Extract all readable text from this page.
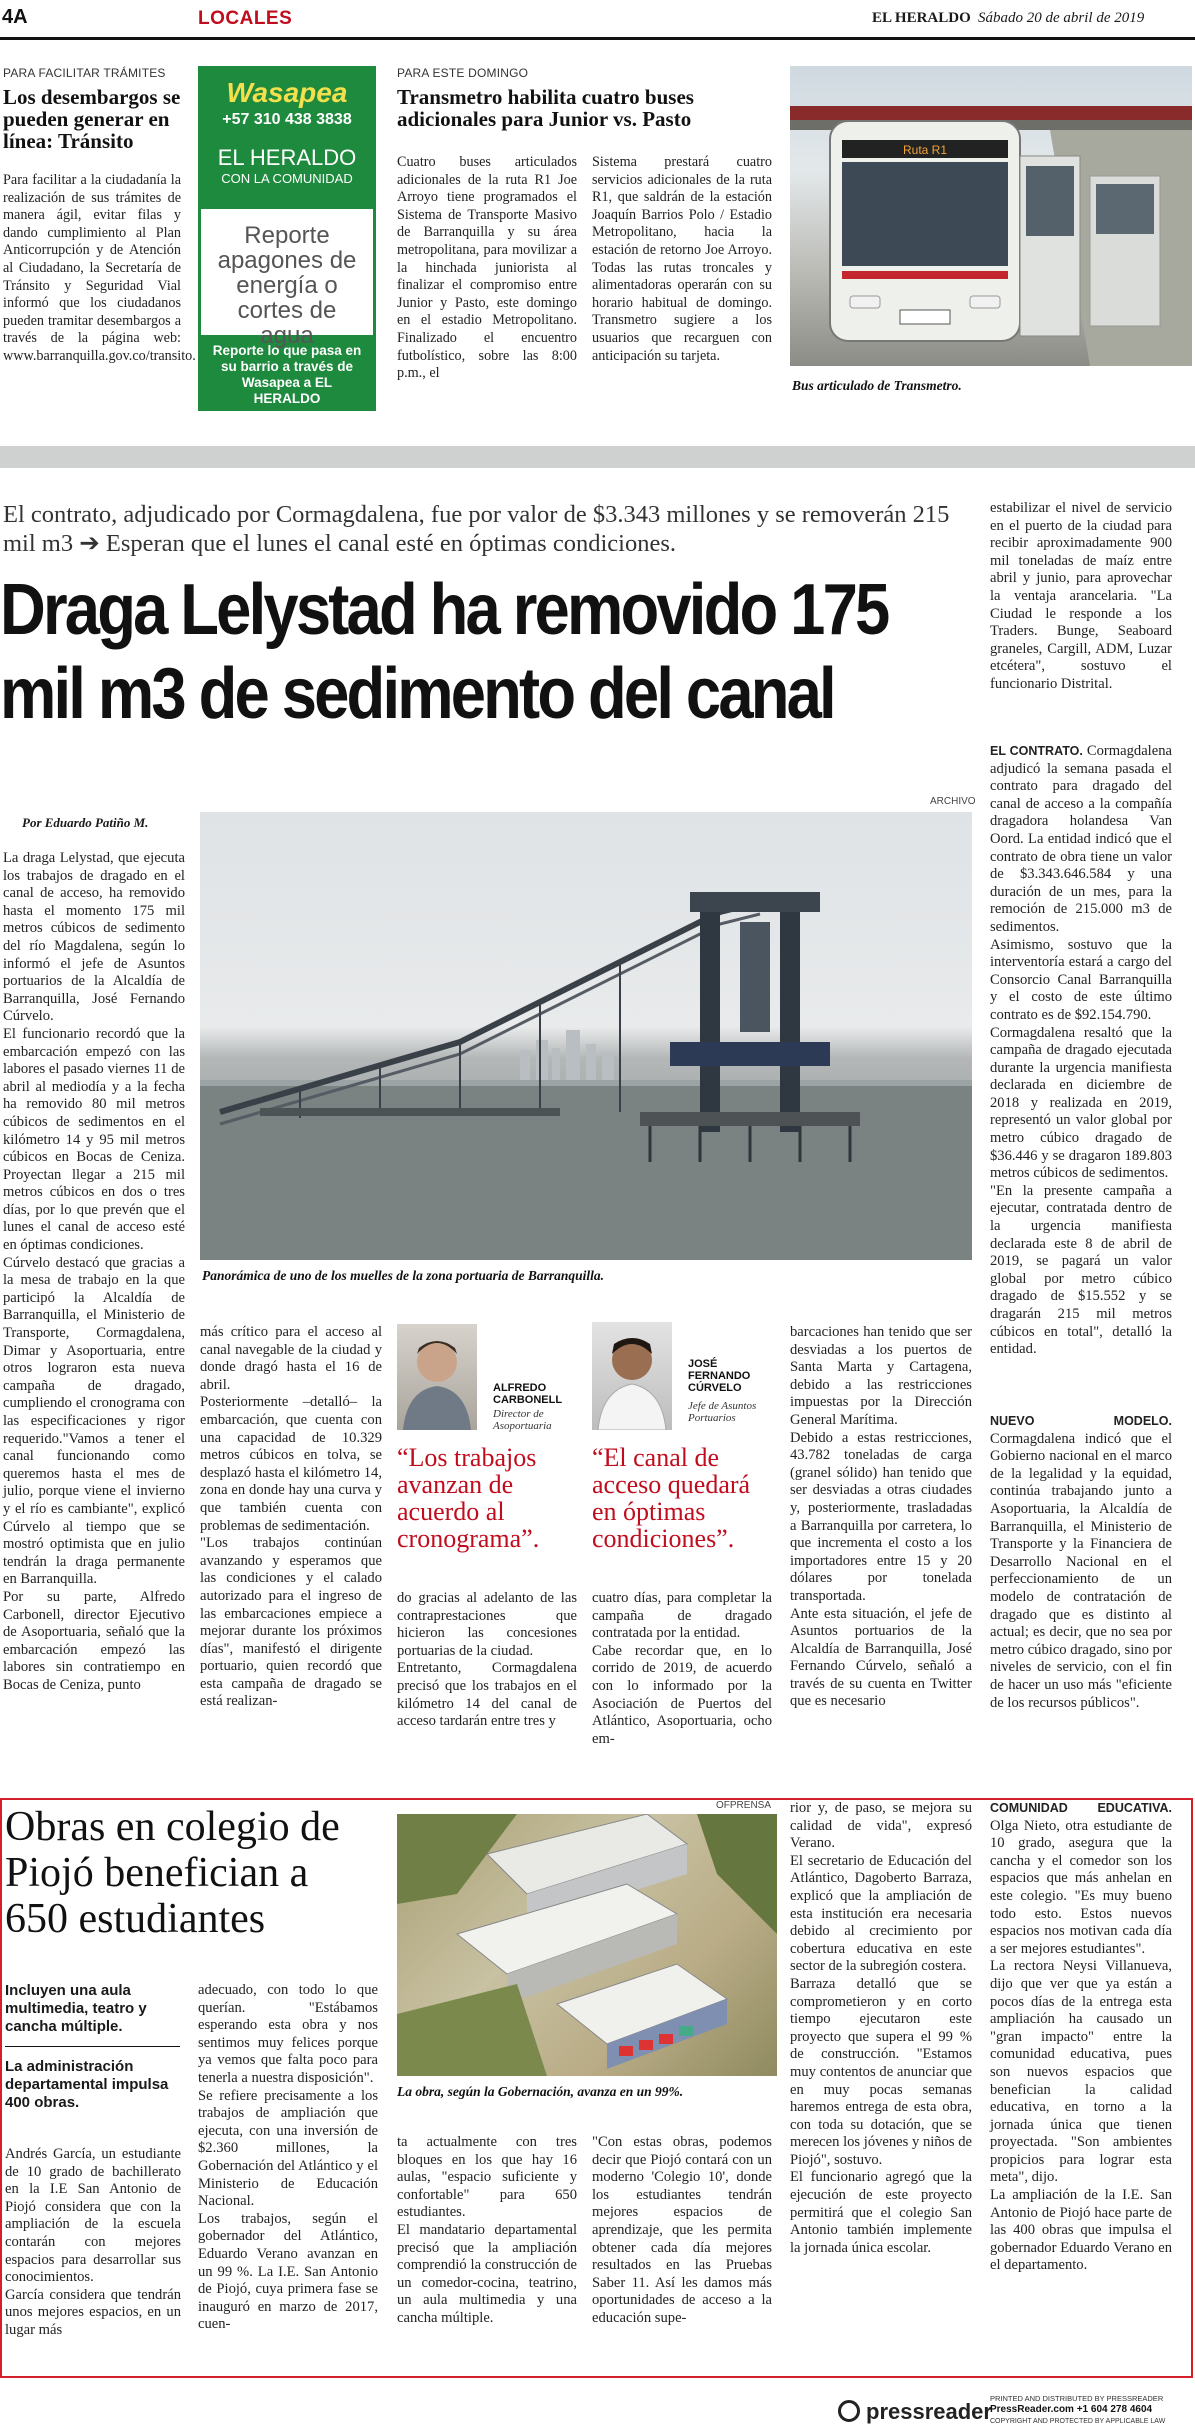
4A	LOCALES	EL HERALDO Sábado 20 de abril de 2019
PARA FACILITAR TRÁMITES
Los desembargos se pueden generar en línea: Tránsito
Para facilitar a la ciudadanía la realización de sus trámites de manera ágil, evitar filas y dando cumplimiento al Plan Anticorrupción y de Atención al Ciudadano, la Secretaría de Tránsito y Seguridad Vial informó que los ciudadanos pueden tramitar desembargos a través de la página web: www.barranquilla.gov.co/transito.
Wasapea
+57 310 438 3838
EL HERALDO
CON LA COMUNIDAD
Reporte apagones de energía o cortes de agua
Reporte lo que pasa en su barrio a través de Wasapea a EL HERALDO
PARA ESTE DOMINGO
Transmetro habilita cuatro buses adicionales para Junior vs. Pasto
Cuatro buses articulados adicionales de la ruta R1 Joe Arroyo tiene programados el Sistema de Transporte Masivo de Barranquilla y su área metropolitana, para movilizar a la hinchada juniorista al finalizar el compromiso entre Junior y Pasto, este domingo en el estadio Metropolitano. Finalizado el encuentro futbolístico, sobre las 8:00 p.m., el
Sistema prestará cuatro servicios adicionales de la ruta R1, que saldrán de la estación Joaquín Barrios Polo / Estadio Metropolitano, hacia la estación de retorno Joe Arroyo. Todas las rutas troncales y alimentadoras operarán con su horario habitual de domingo. Transmetro sugiere a los usuarios que recarguen con anticipación su tarjeta.
Ruta R1
Bus articulado de Transmetro.
El contrato, adjudicado por Cormagdalena, fue por valor de $3.343 millones y se removerán 215 mil m3 ➔ Esperan que el lunes el canal esté en óptimas condiciones.
Draga Lelystad ha removido 175
mil m3 de sedimento del canal
Por Eduardo Patiño M.
La draga Lelystad, que ejecuta los trabajos de dragado en el canal de acceso, ha removido hasta el momento 175 mil metros cúbicos de sedimento del río Magdalena, según lo informó el jefe de Asuntos portuarios de la Alcaldía de Barranquilla, José Fernando Cúrvelo.
El funcionario recordó que la embarcación empezó con las labores el pasado viernes 11 de abril al mediodía y a la fecha ha removido 80 mil metros cúbicos de sedimentos en el kilómetro 14 y 95 mil metros cúbicos en Bocas de Ceniza. Proyectan llegar a 215 mil metros cúbicos en dos o tres días, por lo que prevén que el lunes el canal de acceso esté en óptimas condiciones.
Cúrvelo destacó que gracias a la mesa de trabajo en la que participó la Alcaldía de Barranquilla, el Ministerio de Transporte, Cormagdalena, Dimar y Asoportuaria, entre otros lograron esta nueva campaña de dragado, cumpliendo el cronograma con las especificaciones y rigor requerido."Vamos a tener el canal funcionando como queremos hasta el mes de julio, porque viene el invierno y el río es cambiante", explicó Cúrvelo al tiempo que se mostró optimista que en julio tendrán la draga permanente en Barranquilla.
Por su parte, Alfredo Carbonell, director Ejecutivo de Asoportuaria, señaló que la embarcación empezó las labores sin contratiempo en Bocas de Ceniza, punto
ARCHIVO
Panorámica de uno de los muelles de la zona portuaria de Barranquilla.
más crítico para el acceso al canal navegable de la ciudad y donde dragó hasta el 16 de abril.
Posteriormente –detalló– la embarcación, que cuenta con una capacidad de 10.329 metros cúbicos en tolva, se desplazó hasta el kilómetro 14, zona en donde hay una curva y que también cuenta con problemas de sedimentación.
"Los trabajos continúan avanzando y esperamos que las condiciones y el calado autorizado para el ingreso de las embarcaciones empiece a mejorar durante los próximos días", manifestó el dirigente portuario, quien recordó que esta campaña de dragado se está realizan-
ALFREDO CARBONELL
Director de Asoportuaria
“Los trabajos avanzan de acuerdo al cronograma”.
do gracias al adelanto de las contraprestaciones que hicieron las concesiones portuarias de la ciudad.
Entretanto, Cormagdalena precisó que los trabajos en el kilómetro 14 del canal de acceso tardarán entre tres y
JOSÉ FERNANDO CÚRVELO
Jefe de Asuntos Portuarios
“El canal de acceso quedará en óptimas condiciones”.
cuatro días, para completar la campaña de dragado contratada por la entidad.
Cabe recordar que, en lo corrido de 2019, de acuerdo con lo informado por la Asociación de Puertos del Atlántico, Asoportuaria, ocho em-
barcaciones han tenido que ser desviadas a los puertos de Santa Marta y Cartagena, debido a las restricciones impuestas por la Dirección General Marítima.
Debido a estas restricciones, 43.782 toneladas de carga (granel sólido) han tenido que ser desviadas a otras ciudades y, posteriormente, trasladadas a Barranquilla por carretera, lo que incrementa el costo a los importadores entre 15 y 20 dólares por tonelada transportada.
Ante esta situación, el jefe de Asuntos portuarios de la Alcaldía de Barranquilla, José Fernando Cúrvelo, señaló a través de su cuenta en Twitter que es necesario
estabilizar el nivel de servicio en el puerto de la ciudad para recibir aproximadamente 900 mil toneladas de maíz entre abril y junio, para aprovechar la ventaja arancelaria. "La Ciudad le responde a los Traders. Bunge, Seaboard graneles, Cargill, ADM, Luzar etcétera", sostuvo el funcionario Distrital.
EL CONTRATO. Cormagdalena adjudicó la semana pasada el contrato para dragado del canal de acceso a la compañía dragadora holandesa Van Oord. La entidad indicó que el contrato de obra tiene un valor de $3.343.646.584 y una duración de un mes, para la remoción de 215.000 m3 de sedimentos.
Asimismo, sostuvo que la interventoría estará a cargo del Consorcio Canal Barranquilla y el costo de este último contrato es de $92.154.790.
Cormagdalena resaltó que la campaña de dragado ejecutada durante la urgencia manifiesta declarada en diciembre de 2018 y realizada en 2019, representó un valor global por metro cúbico dragado de $36.446 y se dragaron 189.803 metros cúbicos de sedimentos.
"En la presente campaña a ejecutar, contratada dentro de la urgencia manifiesta declarada este 8 de abril de 2019, se pagará un valor global por metro cúbico dragado de $15.552 y se dragarán 215 mil metros cúbicos en total", detalló la entidad.
NUEVO MODELO. Cormagdalena indicó que el Gobierno nacional en el marco de la legalidad y la equidad, continúa trabajando junto a Asoportuaria, la Alcaldía de Barranquilla, el Ministerio de Transporte y la Financiera de Desarrollo Nacional en el perfeccionamiento de un modelo de contratación de dragado que es distinto al actual; es decir, que no sea por metro cúbico dragado, sino por niveles de servicio, con el fin de hacer un uso más "eficiente de los recursos públicos".
Obras en colegio de Piojó benefician a 650 estudiantes
Incluyen una aula multimedia, teatro y cancha múltiple.
La administración departamental impulsa 400 obras.
Andrés García, un estudiante de 10 grado de bachillerato en la I.E San Antonio de Piojó considera que con la ampliación de la escuela contarán con mejores espacios para desarrollar sus conocimientos.
García considera que tendrán unos mejores espacios, en un lugar más
adecuado, con todo lo que querían. "Estábamos esperando esta obra y nos sentimos muy felices porque ya vemos que falta poco para tenerla a nuestra disposición".
Se refiere precisamente a los trabajos de ampliación que ejecuta, con una inversión de $2.360 millones, la Gobernación del Atlántico y el Ministerio de Educación Nacional.
Los trabajos, según el gobernador del Atlántico, Eduardo Verano avanzan en un 99 %. La I.E. San Antonio de Piojó, cuya primera fase se inauguró en marzo de 2017, cuen-
OFPRENSA
La obra, según la Gobernación, avanza en un 99%.
ta actualmente con tres bloques en los que hay 16 aulas, "espacio suficiente y confortable" para 650 estudiantes.
El mandatario departamental precisó que la ampliación comprendió la construcción de un comedor-cocina, teatrino, un aula multimedia y una cancha múltiple.
"Con estas obras, podemos decir que Piojó contará con un moderno 'Colegio 10', donde los estudiantes tendrán mejores espacios de aprendizaje, que les permita obtener cada día mejores resultados en las Pruebas Saber 11. Así les damos más oportunidades de acceso a la educación supe-
rior y, de paso, se mejora su calidad de vida", expresó Verano.
El secretario de Educación del Atlántico, Dagoberto Barraza, explicó que la ampliación de esta institución era necesaria debido al crecimiento por cobertura educativa en este sector de la subregión costera.
Barraza detalló que se comprometieron y en corto tiempo ejecutaron este proyecto que supera el 99 % de construcción. "Estamos muy contentos de anunciar que en muy pocas semanas haremos entrega de esta obra, con toda su dotación, que se merecen los jóvenes y niños de Piojó", sostuvo.
El funcionario agregó que la ejecución de este proyecto permitirá que el colegio San Antonio también implemente la jornada única escolar.
COMUNIDAD EDUCATIVA. Olga Nieto, otra estudiante de 10 grado, asegura que la cancha y el comedor son los espacios que más anhelan en este colegio. "Es muy bueno todo esto. Estos nuevos espacios nos motivan cada día a ser mejores estudiantes".
La rectora Neysi Villanueva, dijo que ver que ya están a pocos días de la entrega esta ampliación ha causado un "gran impacto" entre la comunidad educativa, pues son nuevos espacios que benefician la calidad educativa, en torno a la jornada única que tienen proyectada. "Son ambientes propicios para lograr esta meta", dijo.
La ampliación de la I.E. San Antonio de Piojó hace parte de las 400 obras que impulsa el gobernador Eduardo Verano en el departamento.
pressreader
PRINTED AND DISTRIBUTED BY PRESSREADER
PressReader.com +1 604 278 4604
COPYRIGHT AND PROTECTED BY APPLICABLE LAW
